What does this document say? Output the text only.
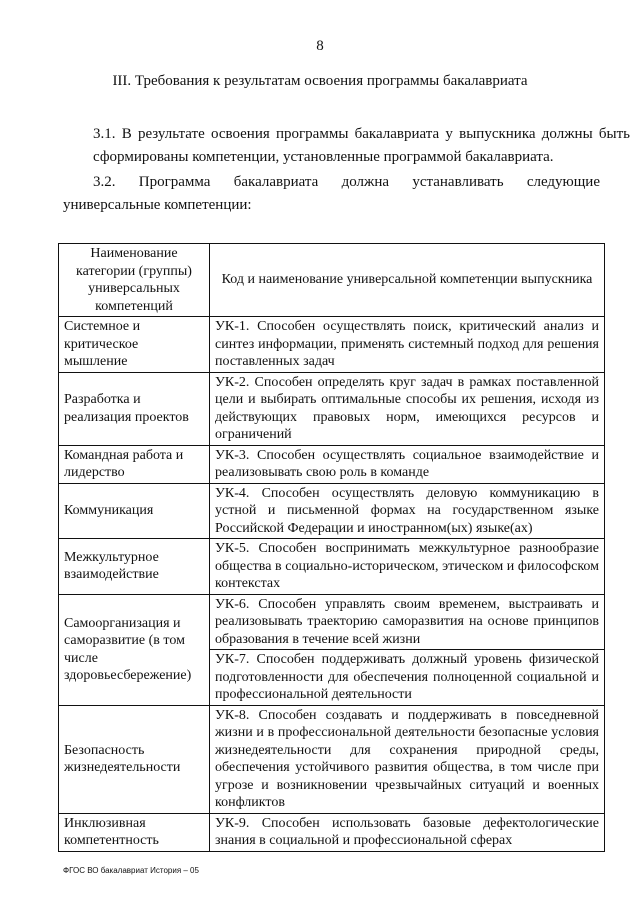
8
III. Требования к результатам освоения программы бакалавриата
3.1. В результате освоения программы бакалавриата у выпускника должны быть сформированы компетенции, установленные программой бакалавриата.
3.2. Программа бакалавриата должна устанавливать следующие
универсальные компетенции:
Наименование категории (группы) универсальных компетенций	Код и наименование универсальной компетенции выпускника
Системное и критическое мышление	УК-1. Способен осуществлять поиск, критический анализ и синтез информации, применять системный подход для решения поставленных задач
Разработка и реализация проектов	УК-2. Способен определять круг задач в рамках поставленной цели и выбирать оптимальные способы их решения, исходя из действующих правовых норм, имеющихся ресурсов и ограничений
Командная работа и лидерство	УК-3. Способен осуществлять социальное взаимодействие и реализовывать свою роль в команде
Коммуникация	УК-4. Способен осуществлять деловую коммуникацию в устной и письменной формах на государственном языке Российской Федерации и иностранном(ых) языке(ах)
Межкультурное взаимодействие	УК-5. Способен воспринимать межкультурное разнообразие общества в социально-историческом, этическом и философском контекстах
Самоорганизация и саморазвитие (в том числе здоровьесбережение)	УК-6. Способен управлять своим временем, выстраивать и реализовывать траекторию саморазвития на основе принципов образования в течение всей жизни
	УК-7. Способен поддерживать должный уровень физической подготовленности для обеспечения полноценной социальной и профессиональной деятельности
Безопасность жизнедеятельности	УК-8. Способен создавать и поддерживать в повседневной жизни и в профессиональной деятельности безопасные условия жизнедеятельности для сохранения природной среды, обеспечения устойчивого развития общества, в том числе при угрозе и возникновении чрезвычайных ситуаций и военных конфликтов
Инклюзивная компетентность	УК-9. Способен использовать базовые дефектологические знания в социальной и профессиональной сферах
ФГОС ВО бакалавриат История – 05
